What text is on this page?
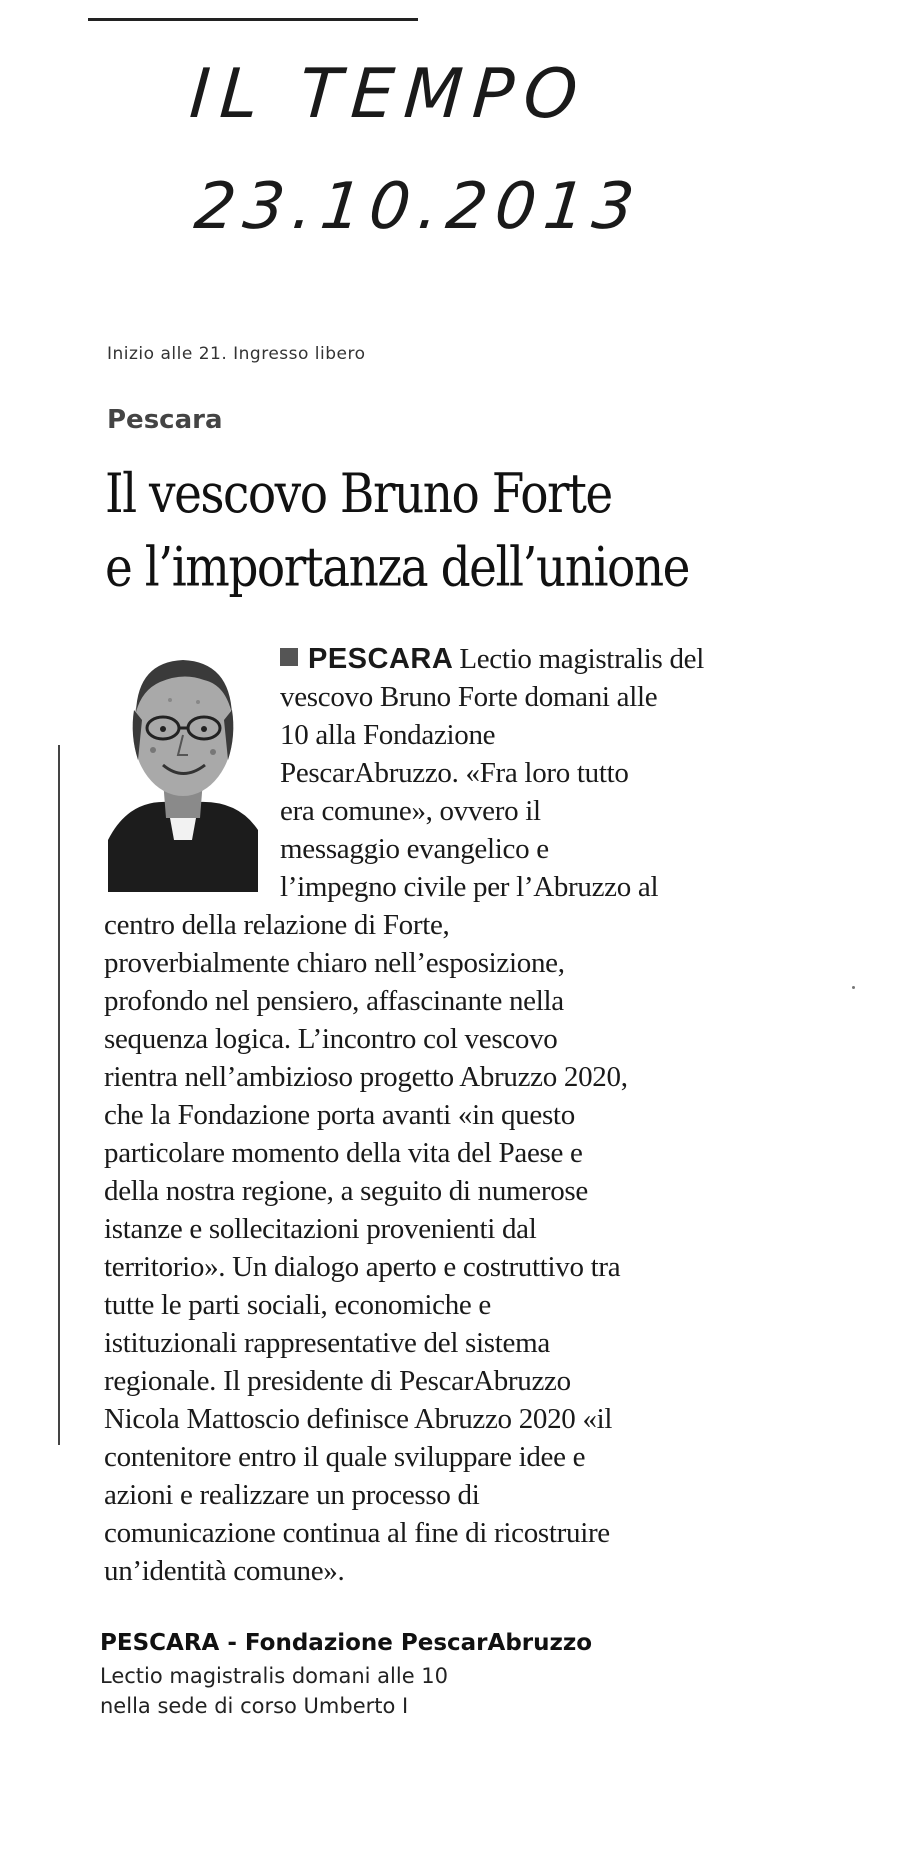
IL TEMPO
23.10.2013
Inizio alle 21. Ingresso libero
Pescara
Il vescovo Bruno Forte
e l’importanza dell’unione
PESCARA Lectio magistralis del
vescovo Bruno Forte domani alle
10 alla Fondazione
PescarAbruzzo. «Fra loro tutto
era comune», ovvero il
messaggio evangelico e
l’impegno civile per l’Abruzzo al
centro della relazione di Forte,
proverbialmente chiaro nell’esposizione,
profondo nel pensiero, affascinante nella
sequenza logica. L’incontro col vescovo
rientra nell’ambizioso progetto Abruzzo 2020,
che la Fondazione porta avanti «in questo
particolare momento della vita del Paese e
della nostra regione, a seguito di numerose
istanze e sollecitazioni provenienti dal
territorio». Un dialogo aperto e costruttivo tra
tutte le parti sociali, economiche e
istituzionali rappresentative del sistema
regionale. Il presidente di PescarAbruzzo
Nicola Mattoscio definisce Abruzzo 2020 «il
contenitore entro il quale sviluppare idee e
azioni e realizzare un processo di
comunicazione continua al fine di ricostruire
un’identità comune».
PESCARA - Fondazione PescarAbruzzo
Lectio magistralis domani alle 10
nella sede di corso Umberto I
